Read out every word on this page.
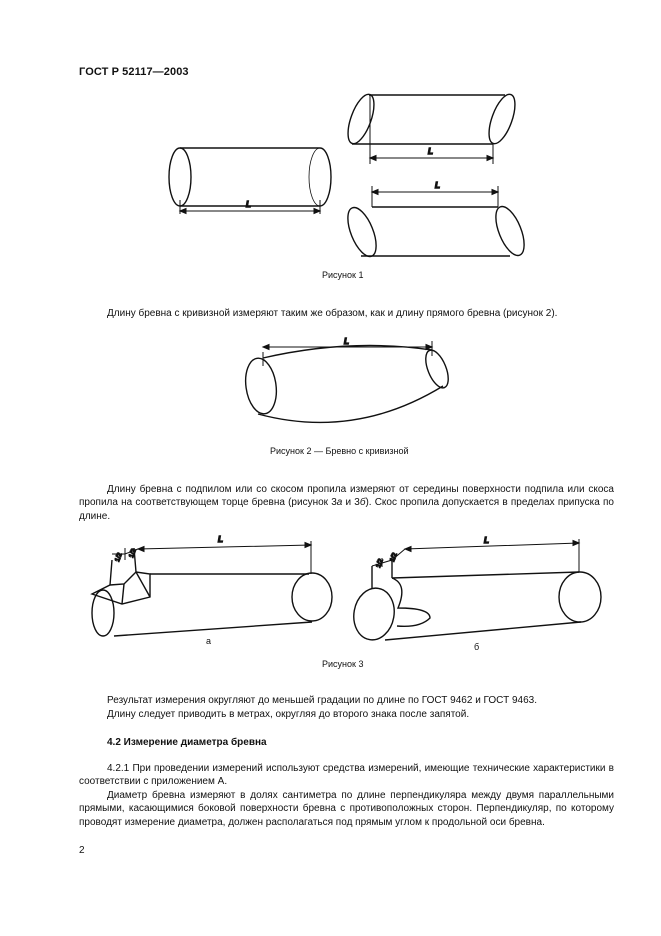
ГОСТ Р 52117—2003
L
L
L
L
1/2 1/2
L
1/2
1/2
L
Рисунок 1
Длину бревна с кривизной измеряют таким же образом, как и длину прямого бревна (рисунок 2).
Рисунок 2 — Бревно с кривизной
Длину бревна с подпилом или со скосом пропила измеряют от середины поверхности подпила или скоса пропила на соответствующем торце бревна (рисунок 3а и 3б). Скос пропила допускается в пределах припуска по длине.
а
б
Рисунок 3
Результат измерения округляют до меньшей градации по длине по ГОСТ 9462 и ГОСТ 9463.
Длину следует приводить в метрах, округляя до второго знака после запятой.
4.2 Измерение диаметра бревна
4.2.1 При проведении измерений используют средства измерений, имеющие технические характеристики в соответствии с приложением А.
Диаметр бревна измеряют в долях сантиметра по длине перпендикуляра между двумя параллельными прямыми, касающимися боковой поверхности бревна с противоположных сторон. Перпендикуляр, по которому проводят измерение диаметра, должен располагаться под прямым углом к продольной оси бревна.
2
